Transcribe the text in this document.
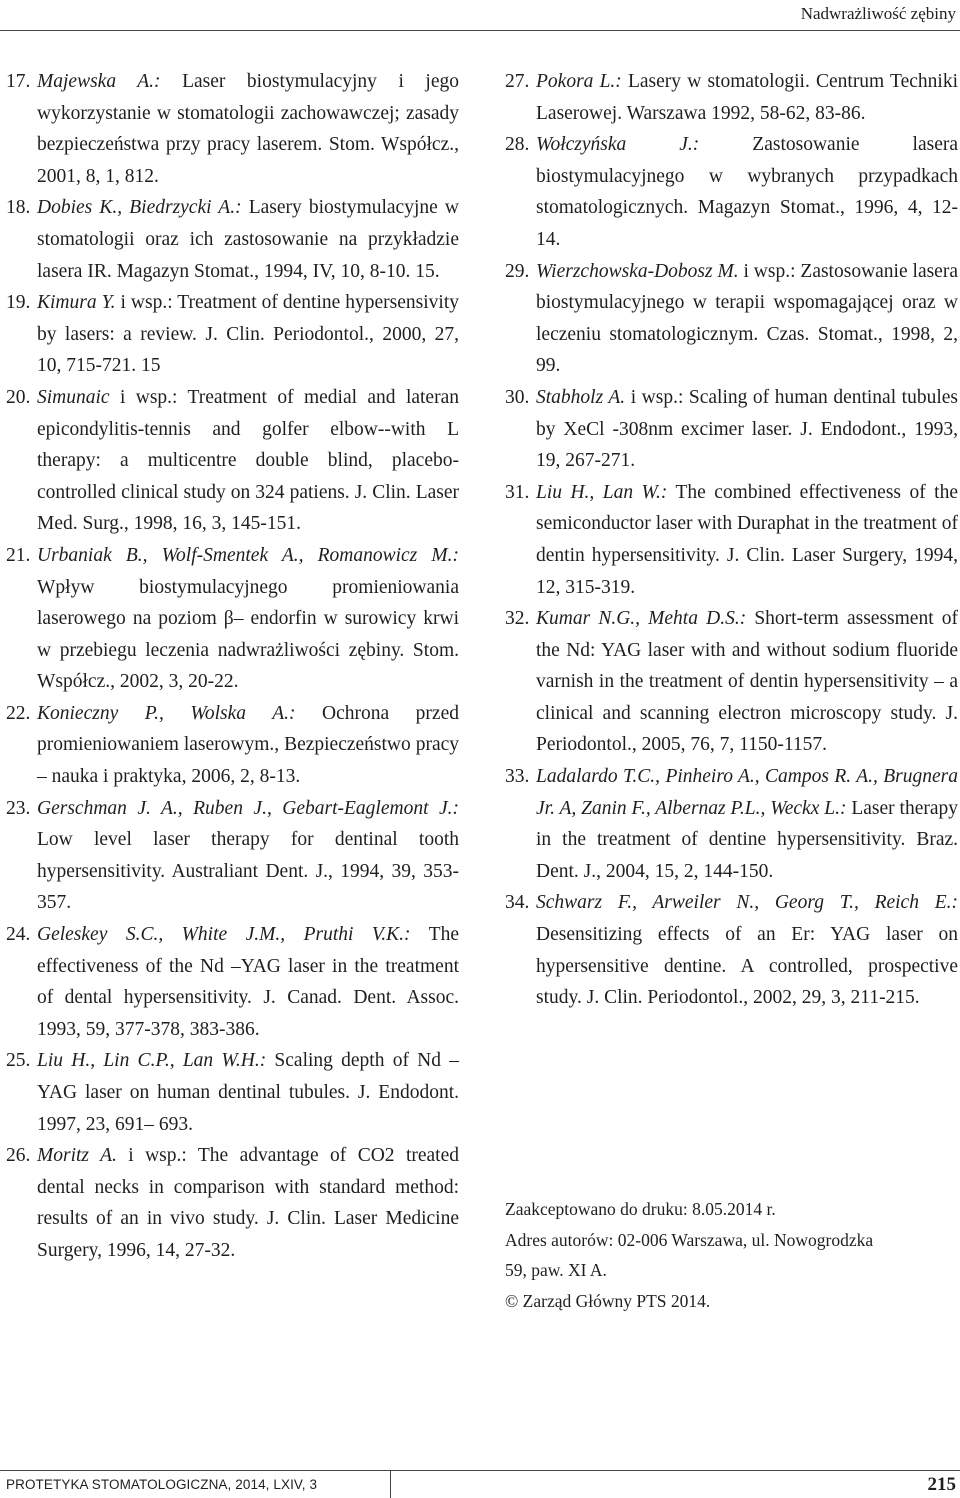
Nadwrażliwość zębiny
17. Majewska A.: Laser biostymulacyjny i jego wykorzystanie w stomatologii zachowawczej; zasady bezpieczeństwa przy pracy laserem. Stom. Współcz., 2001, 8, 1, 812.
18. Dobies K., Biedrzycki A.: Lasery biostymulacyjne w stomatologii oraz ich zastosowanie na przykładzie lasera IR. Magazyn Stomat., 1994, IV, 10, 8-10. 15.
19. Kimura Y. i wsp.: Treatment of dentine hypersensivity by lasers: a review. J. Clin. Periodontol., 2000, 27, 10, 715-721. 15
20. Simunaic i wsp.: Treatment of medial and lateran epicondylitis-tennis and golfer elbow--with L therapy: a multicentre double blind, placebo-controlled clinical study on 324 patiens. J. Clin. Laser Med. Surg., 1998, 16, 3, 145-151.
21. Urbaniak B., Wolf-Smentek A., Romanowicz M.: Wpływ biostymulacyjnego promieniowania laserowego na poziom β– endorfin w surowicy krwi w przebiegu leczenia nadwrażliwości zębiny. Stom. Współcz., 2002, 3, 20-22.
22. Konieczny P., Wolska A.: Ochrona przed promieniowaniem laserowym., Bezpieczeństwo pracy – nauka i praktyka, 2006, 2, 8-13.
23. Gerschman J. A., Ruben J., Gebart-Eaglemont J.: Low level laser therapy for dentinal tooth hypersensitivity. Australiant Dent. J., 1994, 39, 353-357.
24. Geleskey S.C., White J.M., Pruthi V.K.: The effectiveness of the Nd –YAG laser in the treatment of dental hypersensitivity. J. Canad. Dent. Assoc. 1993, 59, 377-378, 383-386.
25. Liu H., Lin C.P., Lan W.H.: Scaling depth of Nd – YAG laser on human dentinal tubules. J. Endodont. 1997, 23, 691– 693.
26. Moritz A. i wsp.: The advantage of CO2 treated dental necks in comparison with standard method: results of an in vivo study. J. Clin. Laser Medicine Surgery, 1996, 14, 27-32.
27. Pokora L.: Lasery w stomatologii. Centrum Techniki Laserowej. Warszawa 1992, 58-62, 83-86.
28. Wołczyńska J.: Zastosowanie lasera biostymulacyjnego w wybranych przypadkach stomatologicznych. Magazyn Stomat., 1996, 4, 12-14.
29. Wierzchowska-Dobosz M. i wsp.: Zastosowanie lasera biostymulacyjnego w terapii wspomagającej oraz w leczeniu stomatologicznym. Czas. Stomat., 1998, 2, 99.
30. Stabholz A. i wsp.: Scaling of human dentinal tubules by XeCl -308nm excimer laser. J. Endodont., 1993, 19, 267-271.
31. Liu H., Lan W.: The combined effectiveness of the semiconductor laser with Duraphat in the treatment of dentin hypersensitivity. J. Clin. Laser Surgery, 1994, 12, 315-319.
32. Kumar N.G., Mehta D.S.: Short-term assessment of the Nd: YAG laser with and without sodium fluoride varnish in the treatment of dentin hypersensitivity – a clinical and scanning electron microscopy study. J. Periodontol., 2005, 76, 7, 1150-1157.
33. Ladalardo T.C., Pinheiro A., Campos R. A., Brugnera Jr. A, Zanin F., Albernaz P.L., Weckx L.: Laser therapy in the treatment of dentine hypersensitivity. Braz. Dent. J., 2004, 15, 2, 144-150.
34. Schwarz F., Arweiler N., Georg T., Reich E.: Desensitizing effects of an Er: YAG laser on hypersensitive dentine. A controlled, prospective study. J. Clin. Periodontol., 2002, 29, 3, 211-215.
Zaakceptowano do druku: 8.05.2014 r.
Adres autorów: 02-006 Warszawa, ul. Nowogrodzka
59, paw. XI A.
© Zarząd Główny PTS 2014.
PROTETYKA STOMATOLOGICZNA, 2014, LXIV, 3	215
